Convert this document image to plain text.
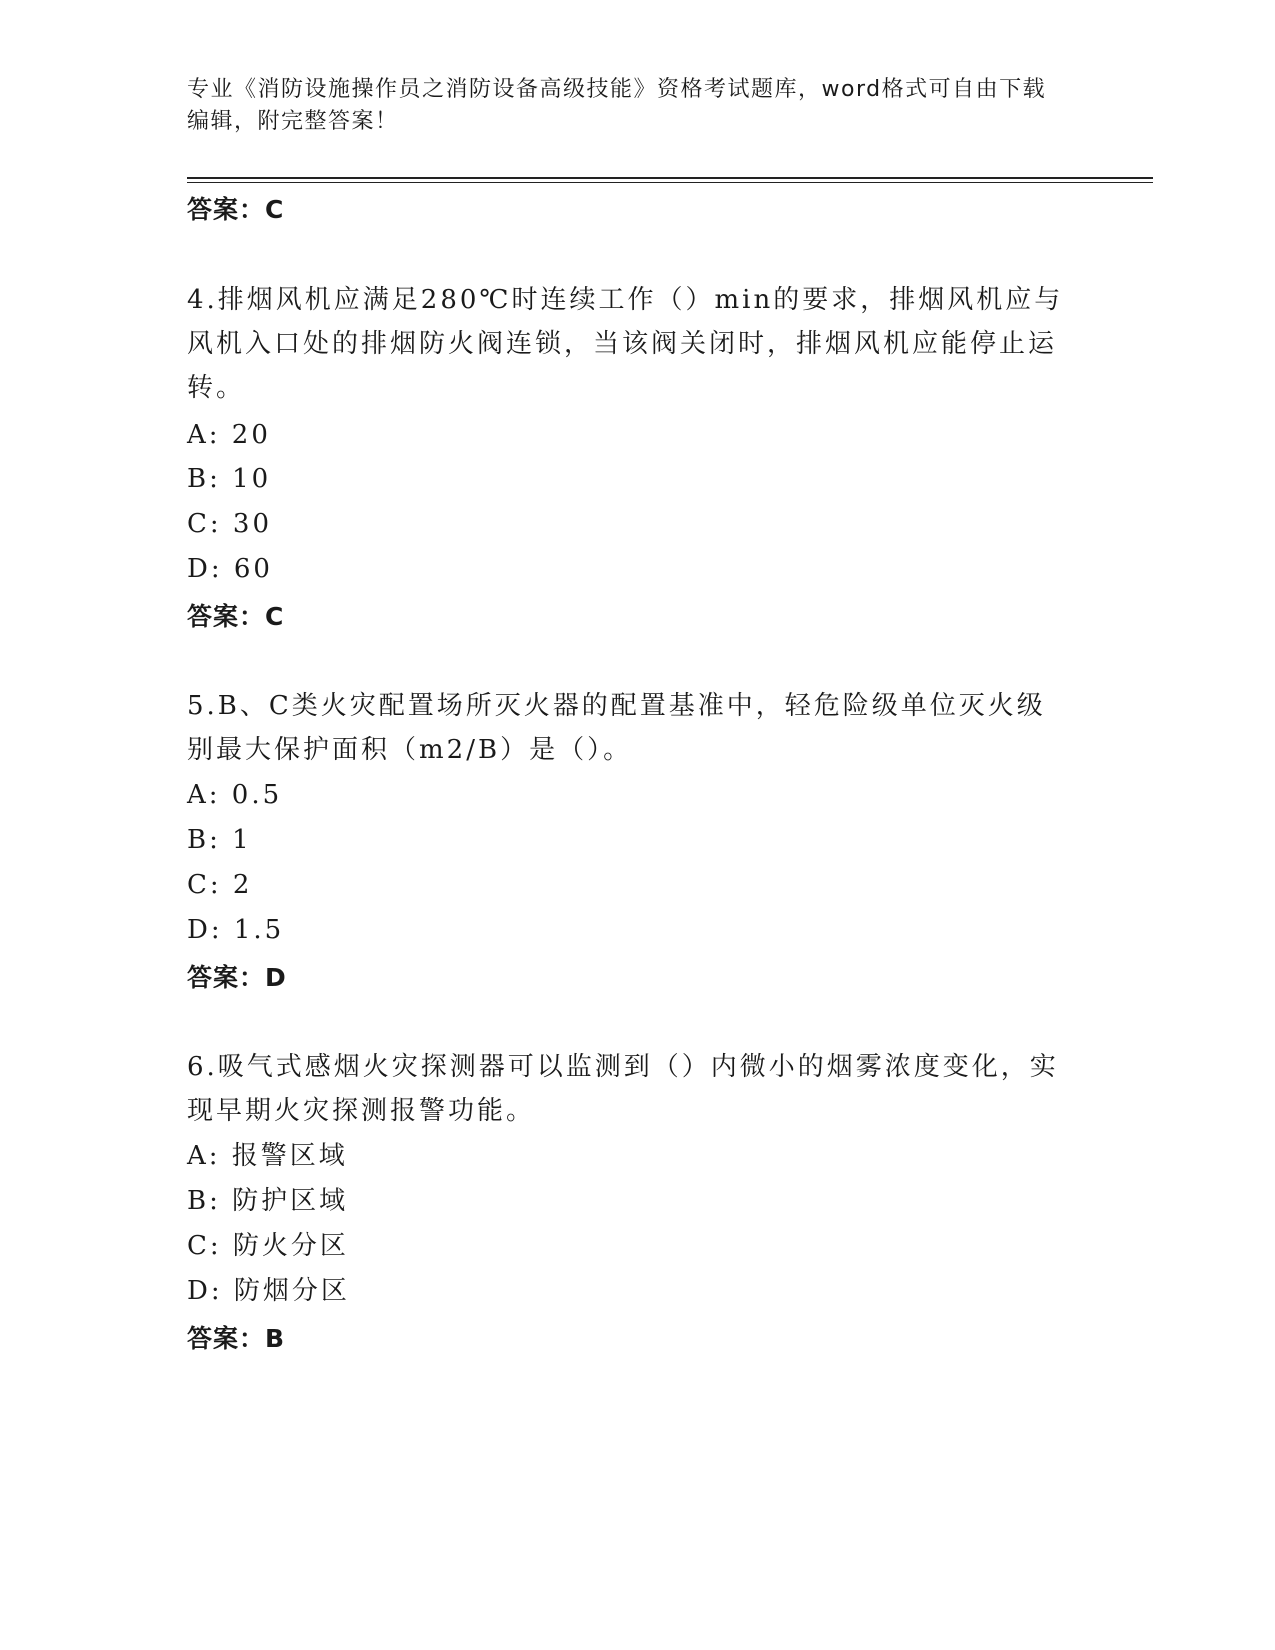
专业《消防设施操作员之消防设备高级技能》资格考试题库，word格式可自由下载编辑，附完整答案！
答案：C
4.排烟风机应满足280℃时连续工作（）min的要求，排烟风机应与风机入口处的排烟防火阀连锁，当该阀关闭时，排烟风机应能停止运转。
A: 20
B: 10
C: 30
D: 60
答案：C
5.B、C类火灾配置场所灭火器的配置基准中，轻危险级单位灭火级别最大保护面积（m2/B）是（）。
A: 0.5
B: 1
C: 2
D: 1.5
答案：D
6.吸气式感烟火灾探测器可以监测到（）内微小的烟雾浓度变化，实现早期火灾探测报警功能。
A: 报警区域
B: 防护区域
C: 防火分区
D: 防烟分区
答案：B
